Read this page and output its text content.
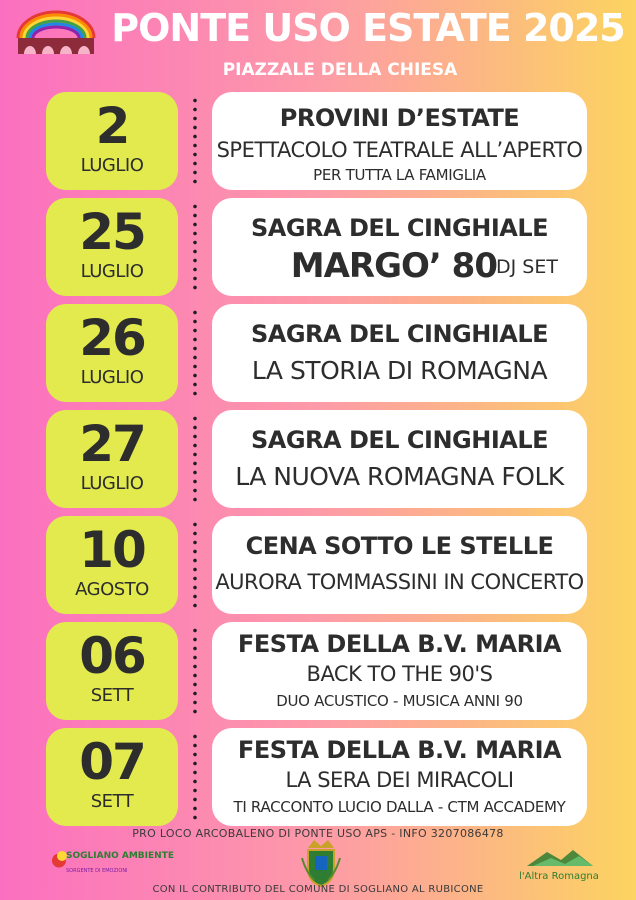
PONTE USO ESTATE 2025
PIAZZALE DELLA CHIESA
2
LUGLIO
PROVINI D’ESTATE
SPETTACOLO TEATRALE ALL’APERTO
PER TUTTA LA FAMIGLIA
25
LUGLIO
SAGRA DEL CINGHIALE
MARGO’ 80 DJ SET
26
LUGLIO
SAGRA DEL CINGHIALE
LA STORIA DI ROMAGNA
27
LUGLIO
SAGRA DEL CINGHIALE
LA NUOVA ROMAGNA FOLK
10
AGOSTO
CENA SOTTO LE STELLE
AURORA TOMMASSINI IN CONCERTO
06
SETT
FESTA DELLA B.V. MARIA
BACK TO THE 90'S
DUO ACUSTICO - MUSICA ANNI 90
07
SETT
FESTA DELLA B.V. MARIA
LA SERA DEI MIRACOLI
TI RACCONTO LUCIO DALLA - CTM ACCADEMY
PRO LOCO ARCOBALENO DI PONTE USO APS - INFO 3207086478
SOGLIANO AMBIENTE
SORGENTE DI EMOZIONI	l'Altra Romagna
CON IL CONTRIBUTO DEL COMUNE DI SOGLIANO AL RUBICONE
